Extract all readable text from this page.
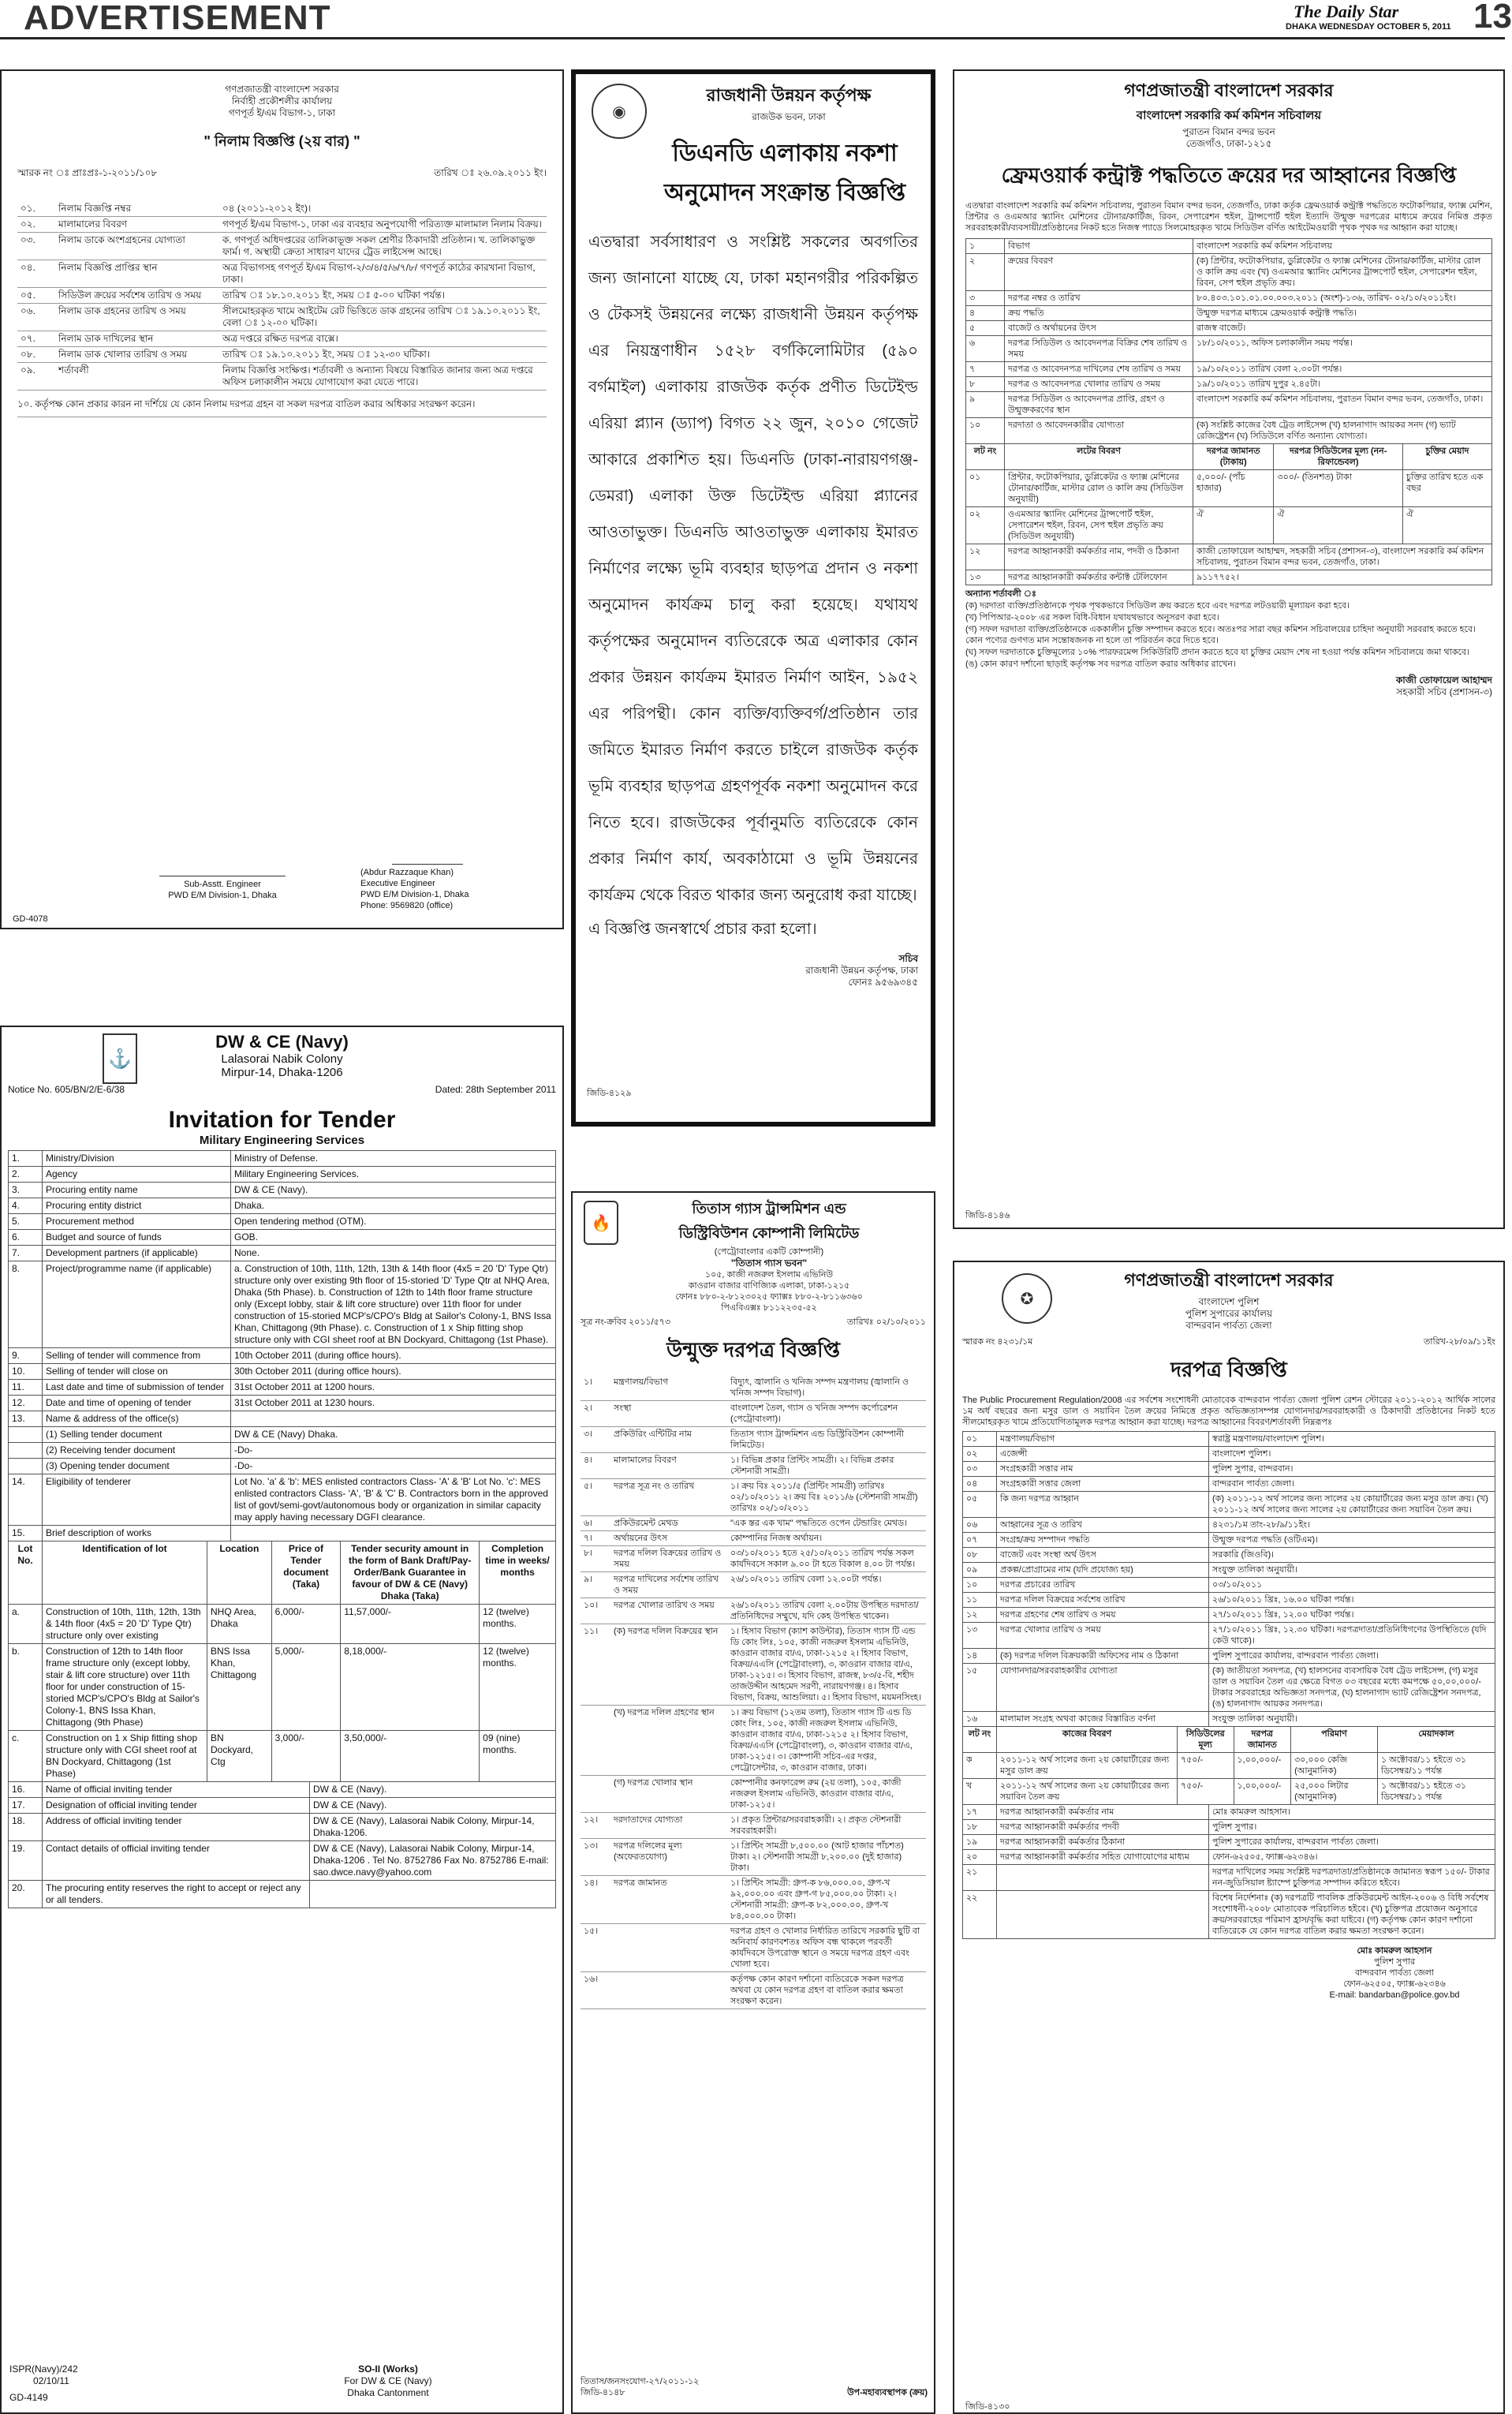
ADVERTISEMENT	The Daily Star
DHAKA WEDNESDAY OCTOBER 5, 2011 13
গণপ্রজাতন্ত্রী বাংলাদেশ সরকার
নির্বাহী প্রকৌশলীর কার্যালয়
গণপূর্ত ই/এম বিভাগ-১, ঢাকা
" নিলাম বিজ্ঞপ্তি (২য় বার) "
স্মারক নং ঃ প্রাঃপ্রঃ-১-২০১১/১০৮	তারিখ ঃ ২৬.০৯.২০১১ ইং।
০১.	নিলাম বিজ্ঞপ্তি নম্বর	০৪ (২০১১-২০১২ ইং)।
০২.	মালামালের বিবরণ	গণপূর্ত ই/এম বিভাগ-১, ঢাকা এর ব্যবহার অনুপযোগী পরিত্যক্ত মালামাল নিলাম বিক্রয়।
০৩.	নিলাম ডাকে অংশগ্রহনের যোগ্যতা	ক. গণপূর্ত অধিদপ্তরের তালিকাভূক্ত সকল শ্রেণীর ঠিকাদারী প্রতিষ্ঠান। খ. তালিকাভুক্ত ফার্ম। গ. অস্থায়ী ক্রেতা সাধারণ যাদের ট্রেড লাইসেন্স আছে।
০৪.	নিলাম বিজ্ঞপ্তি প্রাপ্তির স্থান	অত্র বিভাগসহ গণপূর্ত ই/এম বিভাগ-২/৩/৪/৫/৬/৭/৮/ গণপূর্ত কাঠের কারখানা বিভাগ, ঢাকা।
০৫.	সিডিউল ক্রয়ের সর্বশেষ তারিখ ও সময়	তারিখ ঃ ১৮.১০.২০১১ ইং, সময় ঃ ৫-০০ ঘটিকা পর্যন্ত।
০৬.	নিলাম ডাক গ্রহনের তারিখ ও সময়	সীলমোহরকৃত খামে আইটেম রেট ভিত্তিতে ডাক গ্রহনের তারিখ ঃ ১৯.১০.২০১১ ইং, বেলা ঃ ১২-০০ ঘটিকা।
০৭.	নিলাম ডাক দাখিলের স্থান	অত্র দপ্তরে রক্ষিত দরপত্র বাক্সে।
০৮.	নিলাম ডাক খোলার তারিখ ও সময়	তারিখ ঃ ১৯.১০.২০১১ ইং, সময় ঃ ১২-৩০ ঘটিকা।
০৯.	শর্তাবলী	নিলাম বিজ্ঞপ্তি সংক্ষিপ্ত। শর্তাবলী ও অন্যান্য বিষয়ে বিস্তারিত জানার জন্য অত্র দপ্তরে অফিস চলাকালীন সময়ে যোগাযোগ করা যেতে পারে।
১০. কর্তৃপক্ষ কোন প্রকার কারন না দর্শিয়ে যে কোন নিলাম দরপত্র গ্রহন বা সকল দরপত্র বাতিল করার অধিকার সংরক্ষণ করেন।
Sub-Asstt. Engineer
PWD E/M Division-1, Dhaka
(Abdur Razzaque Khan)
Executive Engineer
PWD E/M Division-1, Dhaka
Phone: 9569820 (office)
GD-4078
◉
রাজধানী উন্নয়ন কর্তৃপক্ষ
রাজউক ভবন, ঢাকা
ডিএনডি এলাকায় নকশা অনুমোদন সংক্রান্ত বিজ্ঞপ্তি
এতদ্বারা সর্বসাধারণ ও সংশ্লিষ্ট সকলের অবগতির জন্য জানানো যাচ্ছে যে, ঢাকা মহানগরীর পরিকল্পিত ও টেকসই উন্নয়নের লক্ষ্যে রাজধানী উন্নয়ন কর্তৃপক্ষ এর নিয়ন্ত্রণাধীন ১৫২৮ বর্গকিলোমিটার (৫৯০ বর্গমাইল) এলাকায় রাজউক কর্তৃক প্রণীত ডিটেইল্ড এরিয়া প্ল্যান (ড্যাপ) বিগত ২২ জুন, ২০১০ গেজেট আকারে প্রকাশিত হয়। ডিএনডি (ঢাকা-নারায়ণগঞ্জ-ডেমরা) এলাকা উক্ত ডিটেইল্ড এরিয়া প্ল্যানের আওতাভুক্ত। ডিএনডি আওতাভুক্ত এলাকায় ইমারত নির্মাণের লক্ষ্যে ভূমি ব্যবহার ছাড়পত্র প্রদান ও নকশা অনুমোদন কার্যক্রম চালু করা হয়েছে। যথাযথ কর্তৃপক্ষের অনুমোদন ব্যতিরেকে অত্র এলাকার কোন প্রকার উন্নয়ন কার্যক্রম ইমারত নির্মাণ আইন, ১৯৫২ এর পরিপন্থী। কোন ব্যক্তি/ব্যক্তিবর্গ/প্রতিষ্ঠান তার জমিতে ইমারত নির্মাণ করতে চাইলে রাজউক কর্তৃক ভূমি ব্যবহার ছাড়পত্র গ্রহণপূর্বক নকশা অনুমোদন করে নিতে হবে। রাজউকের পূর্বানুমতি ব্যতিরেকে কোন প্রকার নির্মাণ কার্য, অবকাঠামো ও ভূমি উন্নয়নের কার্যক্রম থেকে বিরত থাকার জন্য অনুরোধ করা যাচ্ছে।
এ বিজ্ঞপ্তি জনস্বার্থে প্রচার করা হলো।
সচিব
রাজধানী উন্নয়ন কর্তৃপক্ষ, ঢাকা
ফোনঃ ৯৫৬৯৩৪৫
জিডি-৪১২৯
গণপ্রজাতন্ত্রী বাংলাদেশ সরকার
বাংলাদেশ সরকারি কর্ম কমিশন সচিবালয়
পুরাতন বিমান বন্দর ভবন
তেজগাঁও, ঢাকা-১২১৫
ফ্রেমওয়ার্ক কন্ট্রাক্ট পদ্ধতিতে ক্রয়ের দর আহ্বানের বিজ্ঞপ্তি
এতদ্বারা বাংলাদেশ সরকারি কর্ম কমিশন সচিবালয়, পুরাতন বিমান বন্দর ভবন, তেজগাঁও, ঢাকা কর্তৃক ফ্রেমওয়ার্ক কন্ট্রাক্ট পদ্ধতিতে ফটোকপিয়ার, ফ্যাক্স মেশিন, প্রিন্টার ও ওএমআর স্ক্যানিং মেশিনের টোনার/কার্টিজ, রিবন, সেপারেশন হুইল, ট্রান্সপোর্ট হুইল ইত্যাদি উন্মুক্ত দরপত্রের মাধ্যমে ক্রয়ের নিমিত্ত প্রকৃত সরবরাহকারী/ব্যবসায়ী/প্রতিষ্ঠানের নিকট হতে নিজস্ব প্যাডে সিলমোহরকৃত খামে সিডিউল বর্ণিত আইটেমওয়ারী পৃথক পৃথক দর আহ্বান করা যাচ্ছে।
১	বিভাগ	বাংলাদেশ সরকারি কর্ম কমিশন সচিবালয়
২	ক্রয়ের বিবরণ	(ক) প্রিন্টার, ফটোকপিয়ার, ডুপ্লিকেটর ও ফ্যাক্স মেশিনের টোনার/কার্টিজ, মাস্টার রোল ও কালি ক্রয় এবং (খ) ওএমআর স্ক্যানিং মেশিনের ট্রান্সপোর্ট হুইল, সেপারেশন হুইল, রিবন, সেপ হুইল প্রভৃতি ক্রয়।
৩	দরপত্র নম্বর ও তারিখ	৮০.৪০৩.১০১.০১.০০.০০৩.২০১১ (অংশ)-১৩৬, তারিখ- ০২/১০/২০১১ইং।
৪	ক্রয় পদ্ধতি	উন্মুক্ত দরপত্র মাধ্যমে ফ্রেমওয়ার্ক কন্ট্রাক্ট পদ্ধতি।
৫	বাজেট ও অর্থায়নের উৎস	রাজস্ব বাজেট।
৬	দরপত্র সিডিউল ও আবেদনপত্র বিক্রির শেষ তারিখ ও সময়	১৮/১০/২০১১, অফিস চলাকালীন সময় পর্যন্ত।
৭	দরপত্র ও আবেদনপত্র দাখিলের শেষ তারিখ ও সময়	১৯/১০/২০১১ তারিখ বেলা ২.৩০টা পর্যন্ত।
৮	দরপত্র ও আবেদনপত্র খোলার তারিখ ও সময়	১৯/১০/২০১১ তারিখ দুপুর ২.৪৫টা।
৯	দরপত্র সিডিউল ও আবেদনপত্র প্রাপ্তি, গ্রহণ ও উন্মুক্তকরণের স্থান	বাংলাদেশ সরকারি কর্ম কমিশন সচিবালয়, পুরাতন বিমান বন্দর ভবন, তেজগাঁও, ঢাকা।
১০	দরদাতা ও আবেদনকারীর যোগ্যতা	(ক) সংশ্লিষ্ট কাজের বৈধ ট্রেড লাইসেন্স (খ) হালনাগাদ আয়কর সনদ (গ) ভ্যাট রেজিষ্ট্রেশন (ঘ) সিডিউলে বর্ণিত অন্যান্য যোগ্যতা।
লট নং	লটের বিবরণ	দরপত্র জামানত (টাকায়)	দরপত্র সিডিউলের মূল্য (নন-রিফান্ডেবল)	চুক্তির মেয়াদ
০১	প্রিন্টার, ফটোকপিয়ার, ডুপ্লিকেটর ও ফ্যাক্স মেশিনের টোনার/কার্টিজ, মাস্টার রোল ও কালি ক্রয় (সিডিউল অনুযায়ী)	৫,০০০/- (পাঁচ হাজার)	৩০০/- (তিনশত) টাকা	চুক্তির তারিখ হতে এক বছর
০২	ওএমআর স্ক্যানিং মেশিনের ট্রান্সপোর্ট হুইল, সেপারেশন হুইল, রিবন, সেপ হুইল প্রভৃতি ক্রয় (সিডিউল অনুযায়ী)	ঐ	ঐ	ঐ
১২	দরপত্র আহ্বানকারী কর্মকর্তার নাম, পদবী ও ঠিকানা	কাজী তোফায়েল আহাম্মদ, সহকারী সচিব (প্রশাসন-৩), বাংলাদেশ সরকারি কর্ম কমিশন সচিবালয়, পুরাতন বিমান বন্দর ভবন, তেজগাঁও, ঢাকা।
১৩	দরপত্র আহ্বানকারী কর্মকর্তার কন্টাক্ট টেলিফোন	৯১১৭৭৫২।
অন্যান্য শর্তাবলী ঃ
(ক) দরদাতা ব্যক্তি/প্রতিষ্ঠানকে পৃথক পৃথকভাবে সিডিউল ক্রয় করতে হবে এবং দরপত্র লটওয়ারী মূল্যায়ন করা হবে।
(খ) পিপিআর-২০০৮ এর সকল বিধি-বিধান যথাযথভাবে অনুসরণ করা হবে।
(গ) সফল দরদাতা ব্যক্তি/প্রতিষ্ঠানকে এককালীন চুক্তি সম্পাদন করতে হবে। অতঃপর সারা বছর কমিশন সচিবালয়ের চাহিদা অনুযায়ী সরবরাহ করতে হবে। কোন পণ্যের গুণগত মান সন্তোষজনক না হলে তা পরিবর্তন করে দিতে হবে।
(ঘ) সফল দরদাতাকে চুক্তিমূল্যের ১০% পারফরমেন্স সিকিউরিটি প্রদান করতে হবে যা চুক্তির মেয়াদ শেষ না হওয়া পর্যন্ত কমিশন সচিবালয়ে জমা থাকবে।
(ঙ) কোন কারণ দর্শানো ছাড়াই কর্তৃপক্ষ সব দরপত্র বাতিল করার অধিকার রাখেন।
কাজী তোফায়েল আহাম্মদ
সহকারী সচিব (প্রশাসন-৩)
জিডি-৪১৪৬
⚓
DW & CE (Navy)
Lalasorai Nabik Colony
Mirpur-14, Dhaka-1206
Notice No. 605/BN/2/E-6/38	Dated: 28th September 2011
Invitation for Tender
Military Engineering Services
1.	Ministry/Division	Ministry of Defense.
2.	Agency	Military Engineering Services.
3.	Procuring entity name	DW & CE (Navy).
4.	Procuring entity district	Dhaka.
5.	Procurement method	Open tendering method (OTM).
6.	Budget and source of funds	GOB.
7.	Development partners (if applicable)	None.
8.	Project/programme name (if applicable)	a. Construction of 10th, 11th, 12th, 13th & 14th floor (4x5 = 20 'D' Type Qtr) structure only over existing 9th floor of 15-storied 'D' Type Qtr at NHQ Area, Dhaka (5th Phase). b. Construction of 12th to 14th floor frame structure only (Except lobby, stair & lift core structure) over 11th floor for under construction of 15-storied MCP's/CPO's Bldg at Sailor's Colony-1, BNS Issa Khan, Chittagong (9th Phase). c. Construction of 1 x Ship fitting shop structure only with CGI sheet roof at BN Dockyard, Chittagong (1st Phase).
9.	Selling of tender will commence from	10th October 2011 (during office hours).
10.	Selling of tender will close on	30th October 2011 (during office hours).
11.	Last date and time of submission of tender	31st October 2011 at 1200 hours.
12.	Date and time of opening of tender	31st October 2011 at 1230 hours.
13.	Name & address of the office(s)	
	(1) Selling tender document	DW & CE (Navy) Dhaka.
	(2) Receiving tender document	-Do-
	(3) Opening tender document	-Do-
14.	Eligibility of tenderer	Lot No. 'a' & 'b': MES enlisted contractors Class- 'A' & 'B' Lot No. 'c': MES enlisted contractors Class- 'A', 'B' & 'C' B. Contractors born in the approved list of govt/semi-govt/autonomous body or organization in similar capacity may apply having necessary DGFI clearance.
15.	Brief description of works	
Lot No.	Identification of lot	Location	Price of Tender document (Taka)	Tender security amount in the form of Bank Draft/Pay-Order/Bank Guarantee in favour of DW & CE (Navy) Dhaka (Taka)	Completion time in weeks/ months
a.	Construction of 10th, 11th, 12th, 13th & 14th floor (4x5 = 20 'D' Type Qtr) structure only over existing	NHQ Area, Dhaka	6,000/-	11,57,000/-	12 (twelve) months.
b.	Construction of 12th to 14th floor frame structure only (except lobby, stair & lift core structure) over 11th floor for under construction of 15-storied MCP's/CPO's Bldg at Sailor's Colony-1, BNS Issa Khan, Chittagong (9th Phase)	BNS Issa Khan, Chittagong	5,000/-	8,18,000/-	12 (twelve) months.
c.	Construction on 1 x Ship fitting shop structure only with CGI sheet roof at BN Dockyard, Chittagong (1st Phase)	BN Dockyard, Ctg	3,000/-	3,50,000/-	09 (nine) months.
16.	Name of official inviting tender	DW & CE (Navy).
17.	Designation of official inviting tender	DW & CE (Navy).
18.	Address of official inviting tender	DW & CE (Navy), Lalasorai Nabik Colony, Mirpur-14, Dhaka-1206.
19.	Contact details of official inviting tender	DW & CE (Navy), Lalasorai Nabik Colony, Mirpur-14, Dhaka-1206 . Tel No. 8752786 Fax No. 8752786 E-mail: sao.dwce.navy@yahoo.com
20.	The procuring entity reserves the right to accept or reject any or all tenders.	
ISPR(Navy)/242
02/10/11
GD-4149
SO-II (Works)
For DW & CE (Navy)
Dhaka Cantonment
🔥
তিতাস গ্যাস ট্রান্সমিশন এন্ড
ডিস্ট্রিবিউশন কোম্পানী লিমিটেড
(পেট্রোবাংলার একটি কোম্পানী)
"তিতাস গ্যাস ভবন"
১০৫, কাজী নজরুল ইসলাম এভিনিউ
কাওরান বাজার বাণিজ্যিক এলাকা, ঢাকা-১২১৫
ফোনঃ ৮৮০-২-৮১২৩০২৫ ফ্যাক্সঃ ৮৮০-২-৮১১৬৩৬০
পিএবিএক্সঃ ৮১১২২৩৫-৫২
সূত্র নং-ক্রবিব ২০১১/৫৭৩	তারিখঃ ০২/১০/২০১১
উন্মুক্ত দরপত্র বিজ্ঞপ্তি
১।	মন্ত্রণালয়/বিভাগ	বিদ্যুৎ, জ্বালানি ও খনিজ সম্পদ মন্ত্রণালয় (জ্বালানি ও খনিজ সম্পদ বিভাগ)।
২।	সংস্থা	বাংলাদেশ তৈল, গ্যাস ও খনিজ সম্পদ কর্পোরেশন (পেট্রোবাংলা)।
৩।	প্রকিউরিং এন্টিটির নাম	তিতাস গ্যাস ট্রান্সমিশন এন্ড ডিস্ট্রিবিউশন কোম্পানী লিমিটেড।
৪।	মালামালের বিবরণ	১। বিভিন্ন প্রকার প্রিন্টিং সামগ্রী। ২। বিভিন্ন প্রকার স্টেশনারী সামগ্রী।
৫।	দরপত্র সূত্র নং ও তারিখ	১। ক্রয় বিঃ ২০১১/৫ (প্রিন্টিং সামগ্রী) তারিখঃ ০২/১০/২০১১ ২। ক্রয় বিঃ ২০১১/৬ (স্টেশনারী সামগ্রী) তারিখঃ ০২/১০/২০১১
৬।	প্রকিউরমেন্ট মেথড	"এক স্তর এক খাম" পদ্ধতিতে ওপেন টেন্ডারিং মেথড।
৭।	অর্থায়নের উৎস	কোম্পানির নিজস্ব অর্থায়ন।
৮।	দরপত্র দলিল বিক্রয়ের তারিখ ও সময়	০৩/১০/২০১১ হতে ২৫/১০/২০১১ তারিখ পর্যন্ত সকল কার্যদিবসে সকাল ৯.০০ টা হতে বিকাল ৪.০০ টা পর্যন্ত।
৯।	দরপত্র দাখিলের সর্বশেষ তারিখ ও সময়	২৬/১০/২০১১ তারিখ বেলা ১২.০০টা পর্যন্ত।
১০।	দরপত্র খোলার তারিখ ও সময়	২৬/১০/২০১১ তারিখ বেলা ২.০০টায় উপস্থিত দরদাতা/প্রতিনিধিদের সম্মুখে, যদি কেহ উপস্থিত থাকেন।
১১।	(ক) দরপত্র দলিল বিক্রয়ের স্থান	১। হিসাব বিভাগ (ক্যাশ কাউন্টার), তিতাস গ্যাস টি এন্ড ডি কোং লিঃ, ১০৫, কাজী নজরুল ইসলাম এভিনিউ, কাওরান বাজার বা/এ, ঢাকা-১২১৫ ২। হিসাব বিভাগ, বিক্রয়/এএসি (পেট্রোবাংলা), ৩, কাওরান বাজার বা/এ, ঢাকা-১২১৫। ৩। হিসাব বিভাগ, রাজস্ব, ৮৩/৫-বি, শহীদ তাজউদ্দীন আহমেদ সরণী, নারায়ণগঞ্জ। ৪। হিসাব বিভাগ, বিক্রয়, আশুলিয়া। ৫। হিসাব বিভাগ, ময়মনসিংহ।
	(খ) দরপত্র দলিল গ্রহণের স্থান	১। ক্রয় বিভাগ (১২তম তলা), তিতাস গ্যাস টি এন্ড ডি কোং লিঃ, ১০৫, কাজী নজরুল ইসলাম এভিনিউ, কাওরান বাজার বা/এ, ঢাকা-১২১৫ ২। হিসাব বিভাগ, বিক্রয়/এএসি (পেট্রোবাংলা), ৩, কাওরান বাজার বা/এ, ঢাকা-১২১৫। ৩। কোম্পানী সচিব-এর দপ্তর, পেট্রোসেন্টার, ৩, কাওরান বাজার, ঢাকা।
	(গ) দরপত্র খোলার স্থান	কোম্পানীর কনফারেন্স রুম (২য় তলা), ১০৫, কাজী নজরুল ইসলাম এভিনিউ, কাওরান বাজার বা/এ, ঢাকা-১২১৫।
১২।	দরদাতাদের যোগ্যতা	১। প্রকৃত প্রিন্টার/সরবরাহকারী। ২। প্রকৃত স্টেশনারী সরবরাহকারী।
১৩।	দরপত্র দলিলের মূল্য (অফেরতযোগ্য)	১। প্রিন্টিং সামগ্রী ৮,৫০০.০০ (আট হাজার পাঁচশত) টাকা। ২। স্টেশনারী সামগ্রী ৮,২০০.০০ (দুই হাজার) টাকা।
১৪।	দরপত্র জামানত	১। প্রিন্টিং সামগ্রী: গ্রুপ-ক ৮৬,০০০.০০, গ্রুপ-খ ৯২,০০০.০০ এবং গ্রুপ-গ ৮৫,০০০.০০ টাকা। ২। স্টেশনারী সামগ্রী: গ্রুপ-ক ৮২,০০০.০০, গ্রুপ-খ ৮৪,০০০.০০ টাকা।
১৫।		দরপত্র গ্রহণ ও খোলার নির্ধারিত তারিখে সরকারি ছুটি বা অনিবার্য কারণবশতঃ অফিস বন্ধ থাকলে পরবর্তী কার্যদিবসে উপরোক্ত স্থানে ও সময়ে দরপত্র গ্রহণ এবং খোলা হবে।
১৬।		কর্তৃপক্ষ কোন কারণ দর্শানো ব্যতিরেকে সকল দরপত্র অথবা যে কোন দরপত্র গ্রহণ বা বাতিল করার ক্ষমতা সংরক্ষণ করেন।
তিতাস/জনসংযোগ-২৭/২০১১-১২
জিডি-৪১৪৮	উপ-মহাব্যবস্থাপক (ক্রয়)
✪
গণপ্রজাতন্ত্রী বাংলাদেশ সরকার
বাংলাদেশ পুলিশ
পুলিশ সুপারের কার্যালয়
বান্দরবান পার্বত্য জেলা
স্মারক নং ৪২৩১/১ম	তারিখ-২৮/০৯/১১ইং
দরপত্র বিজ্ঞপ্তি
The Public Procurement Regulation/2008 এর সর্বশেষ সংশোধনী মোতাবেক বান্দরবান পার্বত্য জেলা পুলিশ রেশন স্টোরের ২০১১-২০১২ আর্থিক সালের ১ম অর্ধ বছরের জন্য মসুর ডাল ও সয়াবিন তৈল ক্রয়ের নিমিত্তে প্রকৃত অভিজ্ঞতাসম্পন্ন যোগানদার/সরবরাহকারী ও ঠিকাদারী প্রতিষ্ঠানের নিকট হতে সীলমোহরকৃত খামে প্রতিযোগিতামূলক দরপত্র আহ্বান করা যাচ্ছে। দরপত্র আহ্বানের বিবরণ/শর্তাবলী নিম্নরূপঃ
০১	মন্ত্রণালয়/বিভাগ	স্বরাষ্ট্র মন্ত্রণালয়/বাংলাদেশ পুলিশ।
০২	এজেন্সী	বাংলাদেশ পুলিশ।
০৩	সংগ্রহকারী সত্তার নাম	পুলিশ সুপার, বান্দরবান।
০৪	সংগ্রহকারী সত্তার জেলা	বান্দরবান পার্বত্য জেলা।
০৫	কি জন্য দরপত্র আহ্বান	(ক) ২০১১-১২ অর্থ সালের জন্য সালের ২য় কোয়ার্টারের জন্য মসুর ডাল ক্রয়। (খ) ২০১১-১২ অর্থ সালের জন্য সালের ২য় কোয়ার্টারের জন্য সয়াবিন তৈল ক্রয়।
০৬	আহ্বানের সূত্র ও তারিখ	৪২৩১/১ম তাং-২৮/৯/১১ইং।
০৭	সংগ্রহ/ক্রয় সম্পাদন পদ্ধতি	উন্মুক্ত দরপত্র পদ্ধতি (ওটিএম)।
০৮	বাজেট এবং সংস্থা অর্থ উৎস	সরকারি (জিওবি)।
০৯	প্রকল্প/প্রোগ্রামের নাম (যদি প্রযোজ্য হয়)	সংযুক্ত তালিকা অনুযায়ী।
১০	দরপত্র প্রচারের তারিখ	০৩/১০/২০১১
১১	দরপত্র দলিল বিক্রয়ের সর্বশেষ তারিখ	২৬/১০/২০১১ খ্রিঃ, ১৬.০০ ঘটিকা পর্যন্ত।
১২	দরপত্র গ্রহণের শেষ তারিখ ও সময়	২৭/১০/২০১১ খ্রিঃ, ১২.০০ ঘটিকা পর্যন্ত।
১৩	দরপত্র খোলার তারিখ ও সময়	২৭/১০/২০১১ খ্রিঃ, ১২.৩০ ঘটিকা। দরপত্রদাতা/প্রতিনিধিগণের উপস্থিতিতে (যদি কেউ থাকে)।
১৪	(ক) দরপত্র দলিল বিক্রয়কারী অফিসের নাম ও ঠিকানা	পুলিশ সুপারের কার্যালয়, বান্দরবান পার্বত্য জেলা।
১৫	যোগানদার/সরবরাহকারীর যোগ্যতা	(ক) জাতীয়তা সনদপত্র, (খ) হালসনের ব্যবসায়িক বৈধ ট্রেড লাইসেন্স, (গ) মসুর ডাল ও সয়াবিন তৈল এর ক্ষেত্রে বিগত ০৩ বছরের মধ্যে কমপক্ষে ৫০,০০,০০০/- টাকার সরবরাহের অভিজ্ঞতা সনদপত্র, (ঘ) হালনাগাদ ভ্যাট রেজিষ্ট্রেশন সনদপত্র, (ঙ) হালনাগাদ আয়কর সনদপত্র।
১৬	মালামাল সংগ্রহ অথবা কাজের বিস্তারিত বর্ণনা	সংযুক্ত তালিকা অনুযায়ী।
লট নং	কাজের বিবরণ	সিডিউলের মূল্য	দরপত্র জামানত	পরিমাণ	মেয়াদকাল
ক	২০১১-১২ অর্থ সালের জন্য ২য় কোয়ার্টারের জন্য মসুর ডাল ক্রয়	৭৫০/-	১,০০,০০০/-	৩০,০০০ কেজি (আনুমানিক)	১ অক্টোবর/১১ হইতে ৩১ ডিসেম্বর/১১ পর্যন্ত
খ	২০১১-১২ অর্থ সালের জন্য ২য় কোয়ার্টারের জন্য সয়াবিন তৈল ক্রয়	৭৫০/-	১,০০,০০০/-	২৫,০০০ লিটার (আনুমানিক)	১ অক্টোবর/১১ হইতে ৩১ ডিসেম্বর/১১ পর্যন্ত
১৭	দরপত্র আহ্বানকারী কর্মকর্তার নাম	মোঃ কামরুল আহসান।
১৮	দরপত্র আহ্বানকারী কর্মকর্তার পদবী	পুলিশ সুপার।
১৯	দরপত্র আহ্বানকারী কর্মকর্তার ঠিকানা	পুলিশ সুপারের কার্যালয়, বান্দরবান পার্বত্য জেলা।
২০	দরপত্র আহ্বানকারী কর্মকর্তার সহিত যোগাযোগের মাধ্যম	ফোন-৬২৫০৫, ফ্যাক্স-৬২৩৪৬।
২১		দরপত্র দাখিলের সময় সংশ্লিষ্ট দরপত্রদাতা/প্রতিষ্ঠানকে জামানত স্বরূপ ১৫০/- টাকার নন-জুডিসিয়াল ষ্ট্যাম্পে চুক্তিপত্র সম্পাদন করিতে হইবে।
২২		বিশেষ নির্দেশনাঃ (ক) দরপত্রটি পাবলিক প্রকিউরমেন্ট আইন-২০০৬ ও বিধি সর্বশেষ সংশোধনী-২০০৮ মোতাবেক পরিচালিত হইবে। (খ) চুক্তিপত্র প্রয়োজন অনুসারে ক্রয়/সরবরাহের পরিমাণ হ্রাস/বৃদ্ধি করা যাইবে। (গ) কর্তৃপক্ষ কোন কারণ দর্শানো ব্যতিরেকে যে কোন দরপত্র বাতিল করার ক্ষমতা সংরক্ষণ করেন।
মোঃ কামরুল আহসান
পুলিশ সুপার
বান্দরবান পার্বত্য জেলা
ফোন-৬২৫০৫, ফ্যাক্স-৬২৩৪৬
E-mail: bandarban@police.gov.bd
জিডি-৪১৩০
